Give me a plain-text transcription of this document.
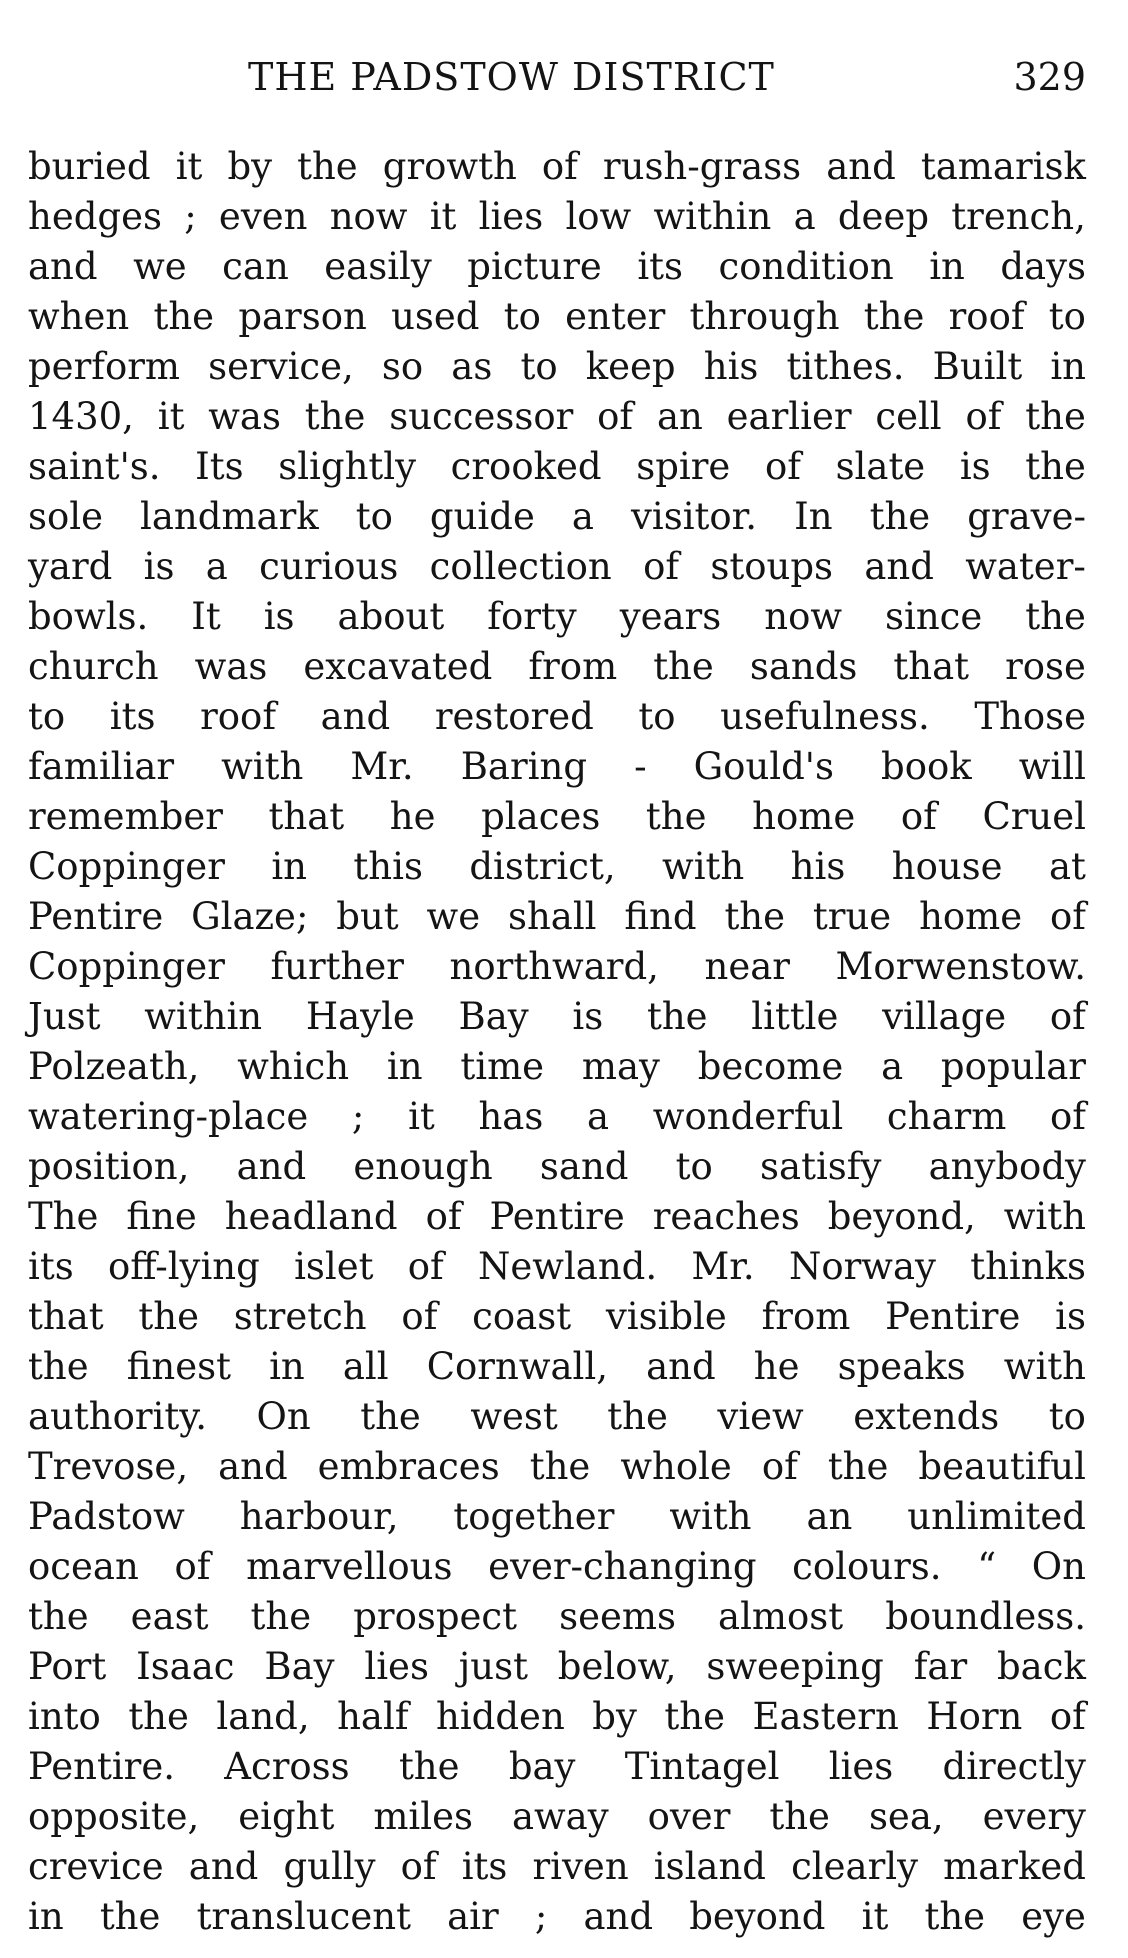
THE PADSTOW DISTRICT	329
buried it by the growth of rush-grass and tamarisk
hedges ; even now it lies low within a deep trench,
and we can easily picture its condition in days
when the parson used to enter through the roof to
perform service, so as to keep his tithes. Built in
1430, it was the successor of an earlier cell of the
saint's. Its slightly crooked spire of slate is the
sole landmark to guide a visitor. In the grave-
yard is a curious collection of stoups and water-
bowls. It is about forty years now since the
church was excavated from the sands that rose
to its roof and restored to usefulness. Those
familiar with Mr. Baring - Gould's book will
remember that he places the home of Cruel
Coppinger in this district, with his house at
Pentire Glaze; but we shall find the true home of
Coppinger further northward, near Morwenstow.
Just within Hayle Bay is the little village of
Polzeath, which in time may become a popular
watering-place ; it has a wonderful charm of
position, and enough sand to satisfy anybody
The fine headland of Pentire reaches beyond, with
its off-lying islet of Newland. Mr. Norway thinks
that the stretch of coast visible from Pentire is
the finest in all Cornwall, and he speaks with
authority. On the west the view extends to
Trevose, and embraces the whole of the beautiful
Padstow harbour, together with an unlimited
ocean of marvellous ever-changing colours. “ On
the east the prospect seems almost boundless.
Port Isaac Bay lies just below, sweeping far back
into the land, half hidden by the Eastern Horn of
Pentire. Across the bay Tintagel lies directly
opposite, eight miles away over the sea, every
crevice and gully of its riven island clearly marked
in the translucent air ; and beyond it the eye
